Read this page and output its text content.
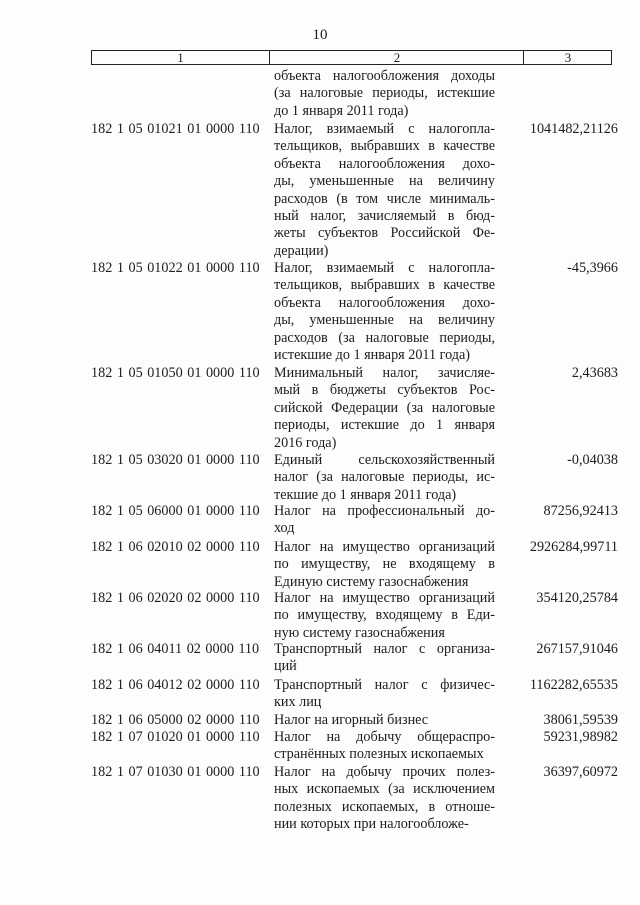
10
1	2	3
объекта налогообложения доходы
(за налоговые периоды, истекшие
до 1 января 2011 года)
182 1 05 01021 01 0000 110	Налог, взимаемый с налогопла-
тельщиков, выбравших в качестве
объекта налогообложения дохо-
ды, уменьшенные на величину
расходов (в том числе минималь-
ный налог, зачисляемый в бюд-
жеты субъектов Российской Фе-
дерации)
1041482,21126
182 1 05 01022 01 0000 110	Налог, взимаемый с налогопла-
тельщиков, выбравших в качестве
объекта налогообложения дохо-
ды, уменьшенные на величину
расходов (за налоговые периоды,
истекшие до 1 января 2011 года)
-45,3966
182 1 05 01050 01 0000 110	Минимальный налог, зачисляе-
мый в бюджеты субъектов Рос-
сийской Федерации (за налоговые
периоды, истекшие до 1 января
2016 года)
2,43683
182 1 05 03020 01 0000 110	Единый сельскохозяйственный
налог (за налоговые периоды, ис-
текшие до 1 января 2011 года)
-0,04038
182 1 05 06000 01 0000 110	Налог на профессиональный до-
ход
87256,92413
182 1 06 02010 02 0000 110	Налог на имущество организаций
по имуществу, не входящему в
Единую систему газоснабжения
2926284,99711
182 1 06 02020 02 0000 110	Налог на имущество организаций
по имуществу, входящему в Еди-
ную систему газоснабжения
354120,25784
182 1 06 04011 02 0000 110	Транспортный налог с организа-
ций
267157,91046
182 1 06 04012 02 0000 110	Транспортный налог с физичес-
ких лиц
1162282,65535
182 1 06 05000 02 0000 110	Налог на игорный бизнес	38061,59539
182 1 07 01020 01 0000 110	Налог на добычу общераспро-
странённых полезных ископаемых
59231,98982
182 1 07 01030 01 0000 110	Налог на добычу прочих полез-
ных ископаемых (за исключением
полезных ископаемых, в отноше-
нии которых при налогообложе-
36397,60972
